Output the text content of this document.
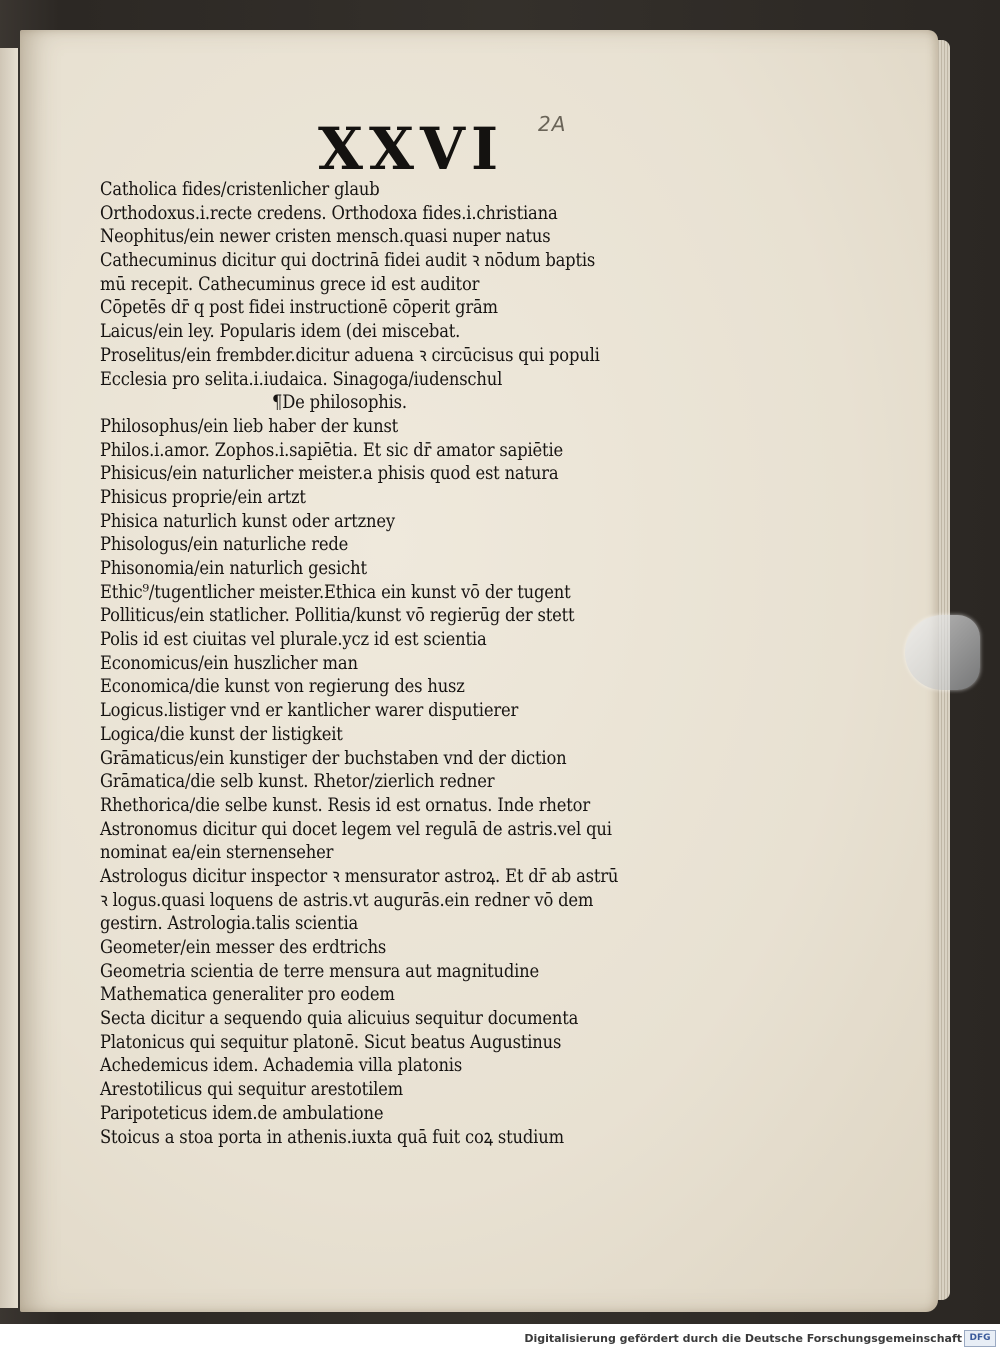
XXVI 2A
Catholica fides/cristenlicher glaub
Orthodoxus.i.recte credens. Orthodoxa fides.i.christiana
Neophitus/ein newer cristen mensch.quasi nuper natus
Cathecuminus dicitur qui doctrinā fidei audit ꝛ nōdum baptis
mū recepit. Cathecuminus grece id est auditor
Cōpetēs dr̄ q post fidei instructionē cōperit grām
Laicus/ein ley. Popularis idem (dei miscebat.
Proselitus/ein frembder.dicitur aduena ꝛ circūcisus qui populi
Ecclesia pro selita.i.iudaica. Sinagoga/iudenschul
¶De philosophis.
Philosophus/ein lieb haber der kunst
Philos.i.amor. Zophos.i.sapiētia. Et sic dr̄ amator sapiētie
Phisicus/ein naturlicher meister.a phisis quod est natura
Phisicus proprie/ein artzt
Phisica naturlich kunst oder artzney
Phisologus/ein naturliche rede
Phisonomia/ein naturlich gesicht
Ethic⁹/tugentlicher meister.Ethica ein kunst vō der tugent
Polliticus/ein statlicher. Pollitia/kunst vō regierūg der stett
Polis id est ciuitas vel plurale.ycz id est scientia
Economicus/ein huszlicher man
Economica/die kunst von regierung des husz
Logicus.listiger vnd er kantlicher warer disputierer
Logica/die kunst der listigkeit
Grāmaticus/ein kunstiger der buchstaben vnd der diction
Grāmatica/die selb kunst. Rhetor/zierlich redner
Rhethorica/die selbe kunst. Resis id est ornatus. Inde rhetor
Astronomus dicitur qui docet legem vel regulā de astris.vel qui
nominat ea/ein sternenseher
Astrologus dicitur inspector ꝛ mensurator astroꝝ. Et dr̄ ab astrū
ꝛ logus.quasi loquens de astris.vt augurās.ein redner vō dem
gestirn. Astrologia.talis scientia
Geometer/ein messer des erdtrichs
Geometria scientia de terre mensura aut magnitudine
Mathematica generaliter pro eodem
Secta dicitur a sequendo quia alicuius sequitur documenta
Platonicus qui sequitur platonē. Sicut beatus Augustinus
Achedemicus idem. Achademia villa platonis
Arestotilicus qui sequitur arestotilem
Paripoteticus idem.de ambulatione
Stoicus a stoa porta in athenis.iuxta quā fuit coꝝ studium
Digitalisierung gefördert durch die Deutsche Forschungsgemeinschaft DFG
